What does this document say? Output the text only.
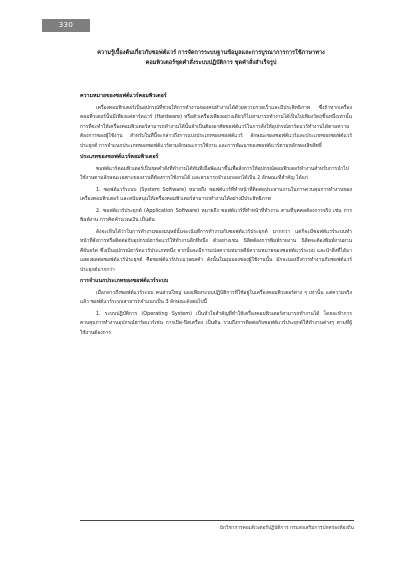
330
ความรู้เบื้องต้นเกี่ยวกับซอฟต์แวร์ การจัดการระบบฐานข้อมูลและการบูรณาการการใช้ภาษาทาง
คอมพิวเตอร์ชุดคำสั่งระบบปฏิบัติการ ชุดคำสั่งสำเร็จรูป
ความหมายของซอฟต์แวร์คอมพิวเตอร์

เครื่องคอมพิวเตอร์เป็นอุปกรณ์ที่ช่วยให้การทำงานของคนทำงานได้ด้วยความรวดเร็วและมีประสิทธิภาพ ซึ่งถ้าหากเครื่องคอมพิวเตอร์นั้นมีเพียงแค่ฮาร์ดแวร์ (Hardware) หรือตัวเครื่องเพียงอย่างเดียวก็ไม่สามารถทำงานได้เป็นไปเพียงวัตถุชิ้นหนึ่งเท่านั้น การที่จะทำให้เครื่องคอมพิวเตอร์สามารถทำงานได้นั้นจำเป็นต้องอาศัยซอฟต์แวร์ในการสั่งให้อุปกรณ์ฮาร์ดแวร์ทำงานได้ตามความต้องการของผู้ใช้งาน สำหรับในที่นี้จะกล่าวถึงการแบ่งประเภทของซอฟต์แวร์ ลักษณะของซอฟต์แวร์และประเภทของซอฟต์แวร์ประยุกต์ การจำแนกประเภทของซอฟต์แวร์ตามลักษณะการใช้งาน และการพัฒนาของซอฟต์แวร์ตามหลักของลิขสิทธิ์

ประเภทของซอฟต์แวร์คอมพิวเตอร์

ซอฟต์แวร์คอมพิวเตอร์เป็นชุดคำสั่งที่ทำงานได้ทันทีเมื่อพัฒนาขึ้นเพื่อสั่งการให้อุปกรณ์คอมพิวเตอร์ทำงานสำหรับการนำไปใช้งานตามลักษณะเฉพาะของงานที่ต้องการใช้งานได้ และสามารถจำแนกออกได้เป็น 2 ลักษณะที่สำคัญ ได้แก่

1. ซอฟต์แวร์ระบบ (System Software) หมายถึง ซอฟต์แวร์ที่ทำหน้าที่ติดต่อประสานงานในการควบคุมการทำงานของเครื่องคอมพิวเตอร์ และสนับสนุนให้เครื่องคอมพิวเตอร์สามารถทำงานได้อย่างมีประสิทธิภาพ

2. ซอฟต์แวร์ประยุกต์ (Application Software) หมายถึง ซอฟต์แวร์ที่ทำหน้าที่ทำงาน ตามที่บุคคลต้องการจริง เช่น การพิมพ์งาน การคิดคำนวณเงิน เป็นต้น

ดังจะเห็นได้ว่าในการทำงานของมนุษย์นั้นจะเน้นที่การทำงานกับซอฟต์แวร์ประยุกต์ มากกว่า แต่ก็จะมีซอฟต์แวร์ระบบทำหน้าที่สั่งการหรือติดต่อกับอุปกรณ์ฮาร์ดแวร์ให้ทำงานอีกทีหนึ่ง ตัวอย่างเช่น นิสิตต้องการพิมพ์รายงาน นิสิตจะต้องพิมพ์งานผ่านคีย์บอร์ด ซึ่งเป็นอุปกรณ์ฮาร์ดแวร์ประเภทหนึ่ง จากนั้นจะมีการแปลความหมายคีย์ความหมายของซอฟต์แวร์ระบบ และนำสิ่งที่ได้มาแสดงผลต่อซอฟต์แวร์ประยุกต์ คือซอฟต์แวร์ประมวลผลคำ ดังนั้นในมุมมองของผู้ใช้งานนั้น มักจะมองถึงการทำงานกับซอฟต์แวร์ประยุกต์มากกว่า

การจำแนกประเภทของซอฟต์แวร์ระบบ

เมื่อกล่าวถึงซอฟต์แวร์ระบบ คนส่วนใหญ่ มองเพียงระบบปฏิบัติการที่ใช้อยู่ในเครื่องคอมพิวเตอร์ต่าง ๆ เท่านั้น แต่ความจริงแล้ว ซอฟต์แวร์ระบบสามารถจำแนกเป็น 3 ลักษณะดังต่อไปนี้

1. ระบบปฏิบัติการ (Operating System) เป็นหัวใจสำคัญที่ทำให้เครื่องคอมพิวเตอร์สามารถทำงานได้ โดยจะทำการควบคุมการทำงานอุปกรณ์ฮาร์ดแวร์เช่น การเปิด-ปิดเครื่อง เป็นต้น รวมถึงการติดต่อกับซอฟต์แวร์ประยุกต์ให้ทำงานต่างๆ ตามที่ผู้ใช้งานต้องการ

นักวิชาการคอมพิวเตอร์ปฏิบัติการ กรมส่งเสริมการปกครองท้องถิ่น
